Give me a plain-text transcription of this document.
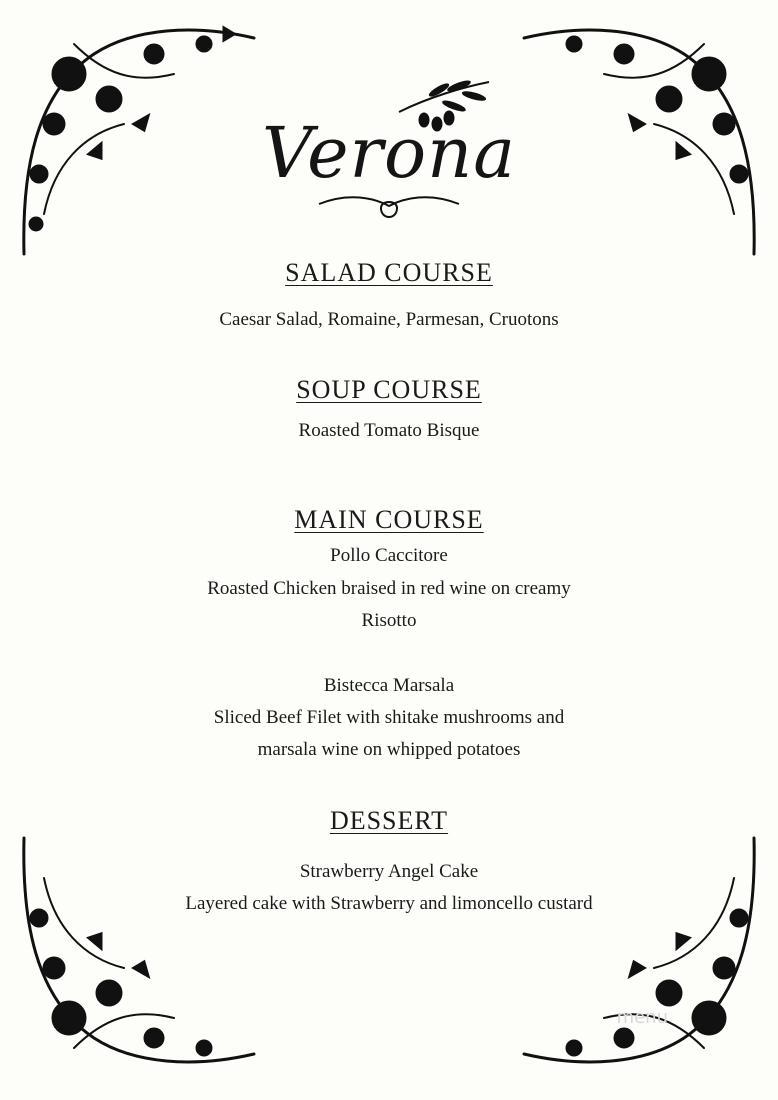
Verona
SALAD COURSE
Caesar Salad, Romaine, Parmesan, Cruotons
SOUP COURSE
Roasted Tomato Bisque
MAIN COURSE
Pollo Caccitore
Roasted Chicken braised in red wine on creamy
Risotto
Bistecca Marsala
Sliced Beef Filet with shitake mushrooms and
marsala wine on whipped potatoes
DESSERT
Strawberry Angel Cake
Layered cake with Strawberry and limoncello custard
menu
